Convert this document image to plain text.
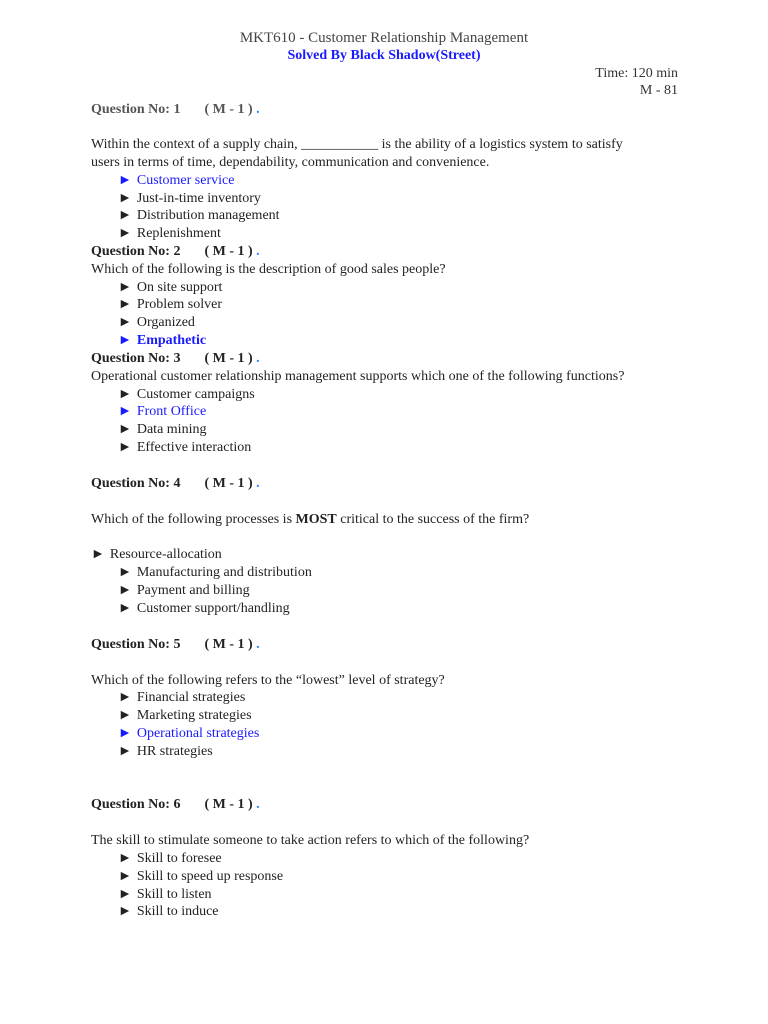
MKT610 - Customer Relationship Management
Solved By Black Shadow(Street)
Time: 120 min
M - 81
Question No: 1 ( M - 1 ) .
Within the context of a supply chain, ___________ is the ability of a logistics system to satisfy
users in terms of time, dependability, communication and convenience.
► Customer service
► Just-in-time inventory
► Distribution management
► Replenishment
Question No: 2 ( M - 1 ) .
Which of the following is the description of good sales people?
► On site support
► Problem solver
► Organized
► Empathetic
Question No: 3 ( M - 1 ) .
Operational customer relationship management supports which one of the following functions?
► Customer campaigns
► Front Office
► Data mining
► Effective interaction
Question No: 4 ( M - 1 ) .
Which of the following processes is MOST critical to the success of the firm?
► Resource-allocation
► Manufacturing and distribution
► Payment and billing
► Customer support/handling
Question No: 5 ( M - 1 ) .
Which of the following refers to the “lowest” level of strategy?
► Financial strategies
► Marketing strategies
► Operational strategies
► HR strategies
Question No: 6 ( M - 1 ) .
The skill to stimulate someone to take action refers to which of the following?
► Skill to foresee
► Skill to speed up response
► Skill to listen
► Skill to induce
